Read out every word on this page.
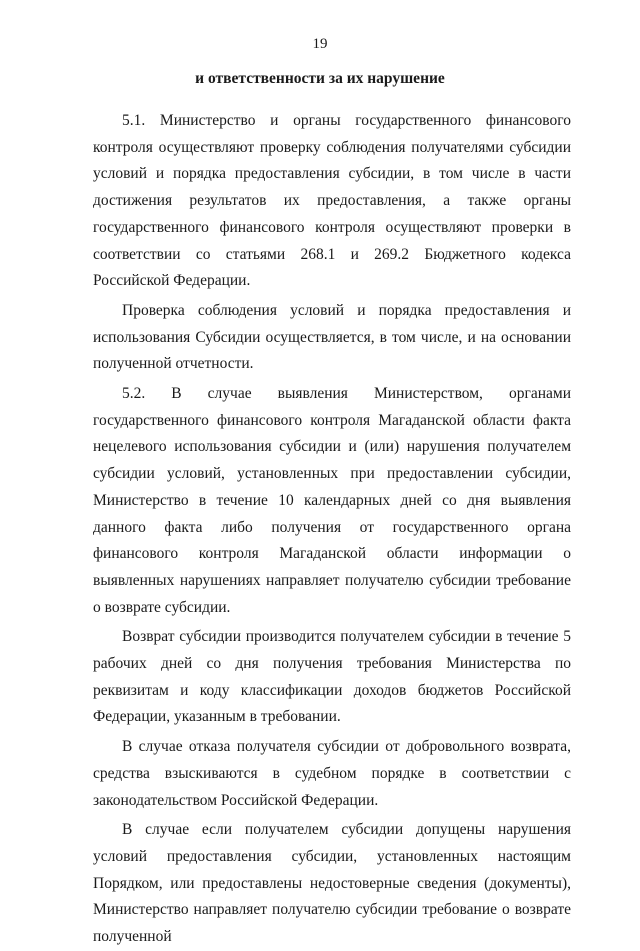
19
и ответственности за их нарушение

5.1. Министерство и органы государственного финансового контроля осуществляют проверку соблюдения получателями субсидии условий и порядка предоставления субсидии, в том числе в части достижения результатов их предоставления, а также органы государственного финансового контроля осуществляют проверки в соответствии со статьями 268.1 и 269.2 Бюджетного кодекса Российской Федерации.

Проверка соблюдения условий и порядка предоставления и использования Субсидии осуществляется, в том числе, и на основании полученной отчетности.

5.2. В случае выявления Министерством, органами государственного финансового контроля Магаданской области факта нецелевого использования субсидии и (или) нарушения получателем субсидии условий, установленных при предоставлении субсидии, Министерство в течение 10 календарных дней со дня выявления данного факта либо получения от государственного органа финансового контроля Магаданской области информации о выявленных нарушениях направляет получателю субсидии требование о возврате субсидии.

Возврат субсидии производится получателем субсидии в течение 5 рабочих дней со дня получения требования Министерства по реквизитам и коду классификации доходов бюджетов Российской Федерации, указанным в требовании.

В случае отказа получателя субсидии от добровольного возврата, средства взыскиваются в судебном порядке в соответствии с законодательством Российской Федерации.

В случае если получателем субсидии допущены нарушения условий предоставления субсидии, установленных настоящим Порядком, или предоставлены недостоверные сведения (документы), Министерство направляет получателю субсидии требование о возврате полученной
